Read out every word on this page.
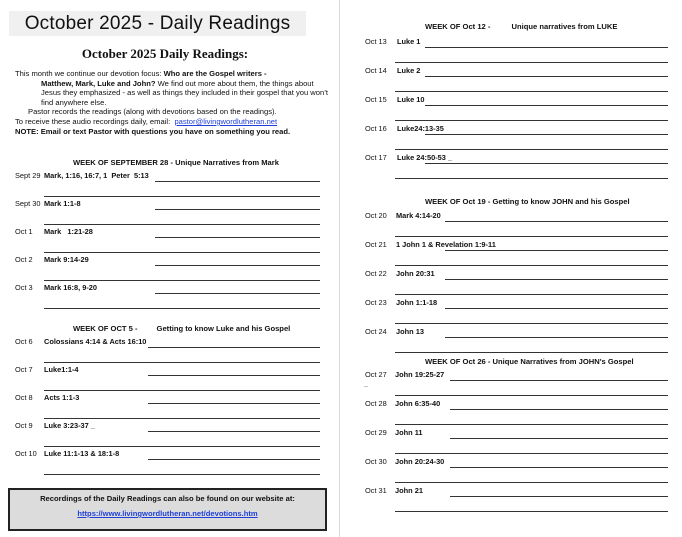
October 2025 - Daily Readings
October 2025 Daily Readings:

This month we continue our devotion focus: Who are the Gospel writers -

Matthew, Mark, Luke and John? We find out more about them, the things about Jesus they emphasized - as well as things they included in their gospel that you won’t find anywhere else.

Pastor records the readings (along with devotions based on the readings).

To receive these audio recordings daily, email: pastor@livingwordlutheran.net

NOTE: Email or text Pastor with questions you have on something you read.

WEEK OF SEPTEMBER 28 - Unique Narratives from Mark
Sept 29 Mark, 1:16, 16:7, 1  Peter  5:13
Sept 30 Mark 1:1-8
Oct 1 Mark   1:21-28
Oct 2 Mark 9:14-29
Oct 3 Mark 16:8, 9-20
WEEK OF OCT 5 -         Getting to know Luke and his Gospel
Oct 6 Colossians 4:14 & Acts 16:10
Oct 7 Luke1:1-4
Oct 8 Acts 1:1-3
Oct 9 Luke 3:23-37 _
Oct 10 Luke 11:1-13 & 18:1-8
Recordings of the Daily Readings can also be found on our website at:
https://www.livingwordlutheran.net/devotions.htm
WEEK OF Oct 12 -          Unique narratives from LUKE
Oct 13 Luke 1
Oct 14 Luke 2
Oct 15 Luke 10
Oct 16 Luke24:13-35
Oct 17 Luke 24:50-53 _
WEEK OF Oct 19 - Getting to know JOHN and his Gospel
Oct 20 Mark 4:14-20
Oct 21 1 John 1 & Revelation 1:9-11
Oct 22 John 20:31
Oct 23 John 1:1-18
Oct 24 John 13
WEEK OF Oct 26 - Unique Narratives from JOHN's Gospel
Oct 27 John 19:25-27
Oct 28 John 6:35-40
Oct 29 John 11
Oct 30 John 20:24-30
Oct 31 John 21
..
